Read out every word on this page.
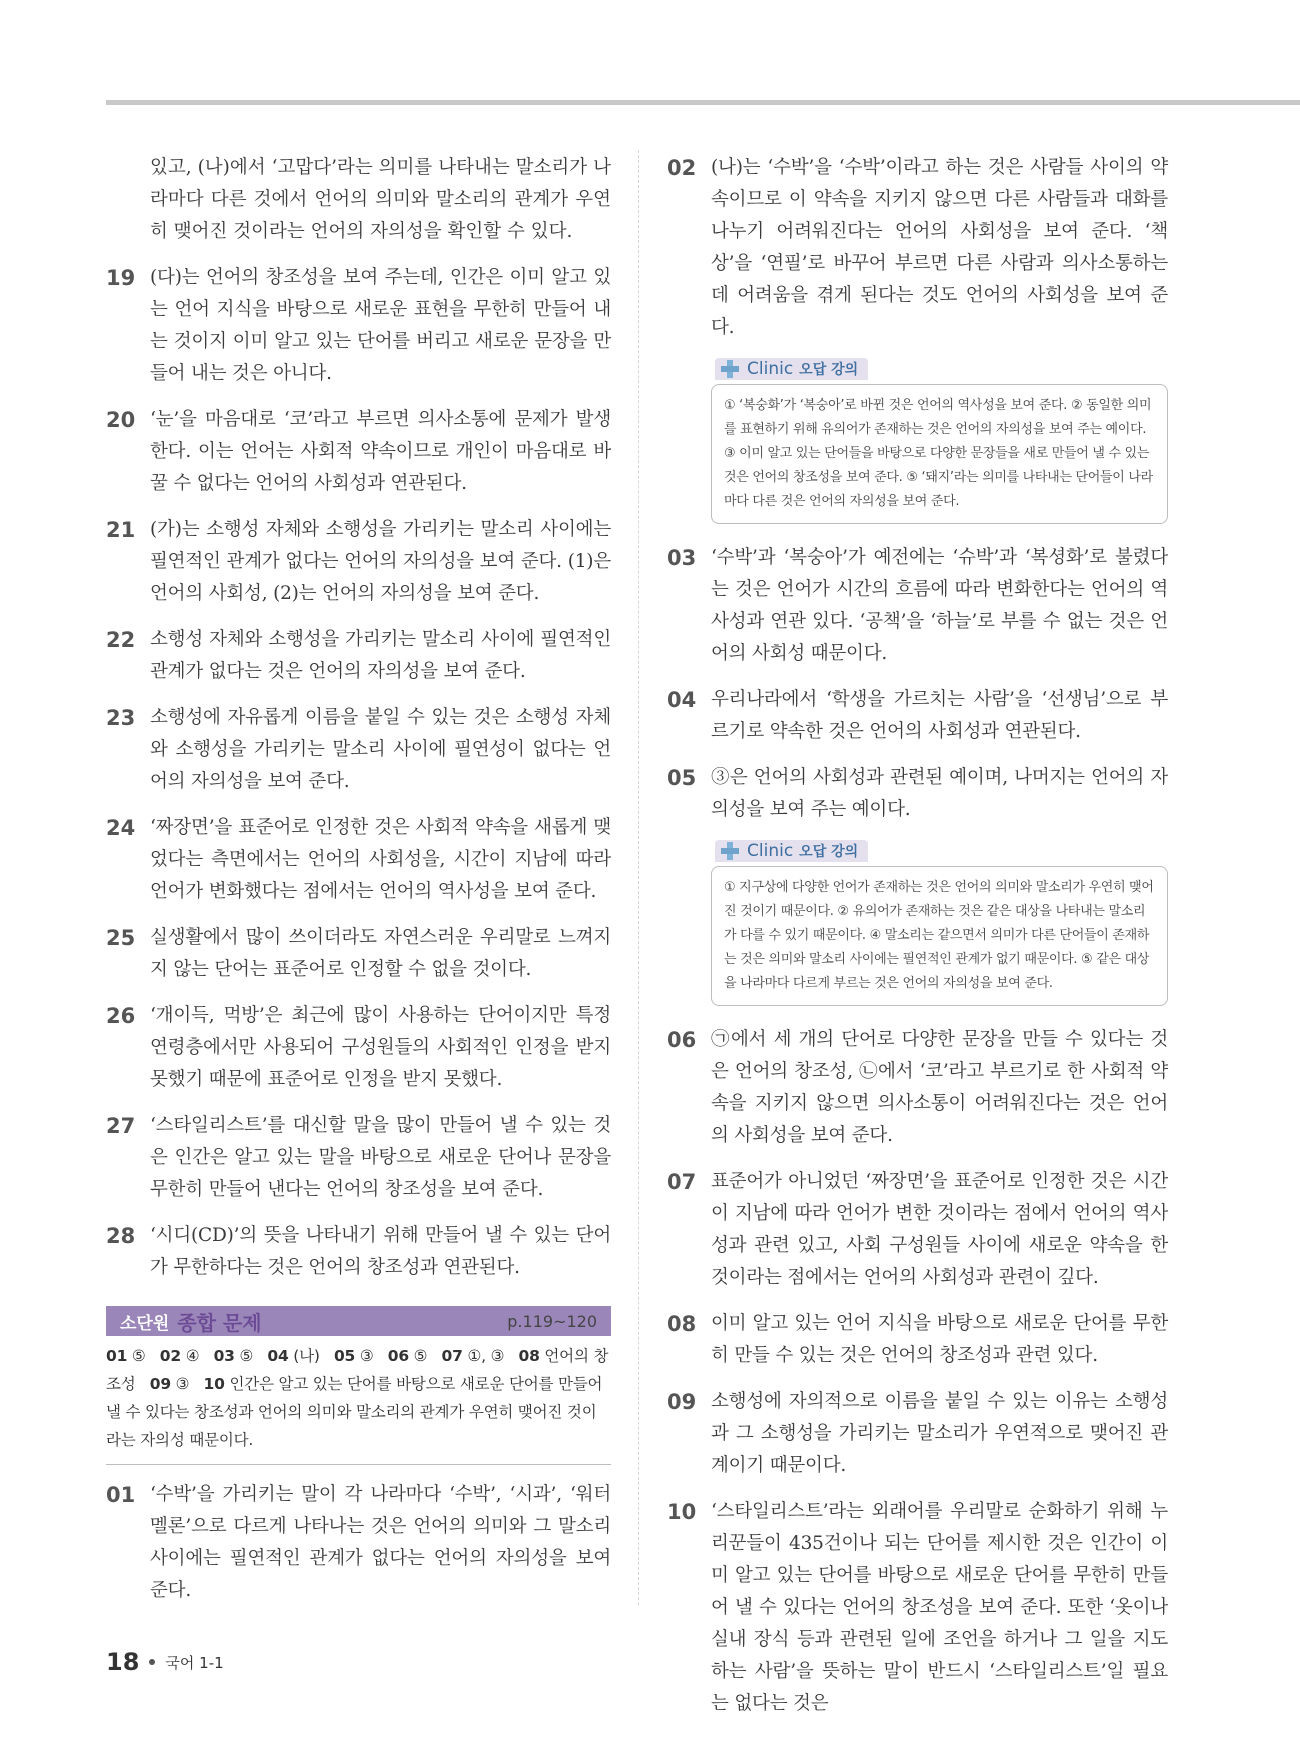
있고, (나)에서 ‘고맙다’라는 의미를 나타내는 말소리가 나라마다 다른 것에서 언어의 의미와 말소리의 관계가 우연히 맺어진 것이라는 언어의 자의성을 확인할 수 있다.
19 (다)는 언어의 창조성을 보여 주는데, 인간은 이미 알고 있는 언어 지식을 바탕으로 새로운 표현을 무한히 만들어 내는 것이지 이미 알고 있는 단어를 버리고 새로운 문장을 만들어 내는 것은 아니다.
20 ‘눈’을 마음대로 ‘코’라고 부르면 의사소통에 문제가 발생한다. 이는 언어는 사회적 약속이므로 개인이 마음대로 바꿀 수 없다는 언어의 사회성과 연관된다.
21 (가)는 소행성 자체와 소행성을 가리키는 말소리 사이에는 필연적인 관계가 없다는 언어의 자의성을 보여 준다. (1)은 언어의 사회성, (2)는 언어의 자의성을 보여 준다.
22 소행성 자체와 소행성을 가리키는 말소리 사이에 필연적인 관계가 없다는 것은 언어의 자의성을 보여 준다.
23 소행성에 자유롭게 이름을 붙일 수 있는 것은 소행성 자체와 소행성을 가리키는 말소리 사이에 필연성이 없다는 언어의 자의성을 보여 준다.
24 ‘짜장면’을 표준어로 인정한 것은 사회적 약속을 새롭게 맺었다는 측면에서는 언어의 사회성을, 시간이 지남에 따라 언어가 변화했다는 점에서는 언어의 역사성을 보여 준다.
25 실생활에서 많이 쓰이더라도 자연스러운 우리말로 느껴지지 않는 단어는 표준어로 인정할 수 없을 것이다.
26 ‘개이득, 먹방’은 최근에 많이 사용하는 단어이지만 특정 연령층에서만 사용되어 구성원들의 사회적인 인정을 받지 못했기 때문에 표준어로 인정을 받지 못했다.
27 ‘스타일리스트’를 대신할 말을 많이 만들어 낼 수 있는 것은 인간은 알고 있는 말을 바탕으로 새로운 단어나 문장을 무한히 만들어 낸다는 언어의 창조성을 보여 준다.
28 ‘시디(CD)’의 뜻을 나타내기 위해 만들어 낼 수 있는 단어가 무한하다는 것은 언어의 창조성과 연관된다.
소단원 종합 문제	p.119~120
01 ⑤ 02 ④ 03 ⑤ 04 (나) 05 ③ 06 ⑤ 07 ①, ③ 08 언어의 창조성 09 ③ 10 인간은 알고 있는 단어를 바탕으로 새로운 단어를 만들어 낼 수 있다는 창조성과 언어의 의미와 말소리의 관계가 우연히 맺어진 것이라는 자의성 때문이다.
01 ‘수박’을 가리키는 말이 각 나라마다 ‘수박’, ‘시과’, ‘워터멜론’으로 다르게 나타나는 것은 언어의 의미와 그 말소리 사이에는 필연적인 관계가 없다는 언어의 자의성을 보여 준다.
02 (나)는 ‘수박’을 ‘수박’이라고 하는 것은 사람들 사이의 약속이므로 이 약속을 지키지 않으면 다른 사람들과 대화를 나누기 어려워진다는 언어의 사회성을 보여 준다. ‘책상’을 ‘연필’로 바꾸어 부르면 다른 사람과 의사소통하는 데 어려움을 겪게 된다는 것도 언어의 사회성을 보여 준다.
Clinic 오답 강의
① ‘복숭화’가 ‘복숭아’로 바뀐 것은 언어의 역사성을 보여 준다. ② 동일한 의미를 표현하기 위해 유의어가 존재하는 것은 언어의 자의성을 보여 주는 예이다. ③ 이미 알고 있는 단어들을 바탕으로 다양한 문장들을 새로 만들어 낼 수 있는 것은 언어의 창조성을 보여 준다. ⑤ ‘돼지’라는 의미를 나타내는 단어들이 나라마다 다른 것은 언어의 자의성을 보여 준다.
03 ‘수박’과 ‘복숭아’가 예전에는 ‘슈박’과 ‘복셩화’로 불렸다는 것은 언어가 시간의 흐름에 따라 변화한다는 언어의 역사성과 연관 있다. ‘공책’을 ‘하늘’로 부를 수 없는 것은 언어의 사회성 때문이다.
04 우리나라에서 ‘학생을 가르치는 사람’을 ‘선생님’으로 부르기로 약속한 것은 언어의 사회성과 연관된다.
05 ③은 언어의 사회성과 관련된 예이며, 나머지는 언어의 자의성을 보여 주는 예이다.
Clinic 오답 강의
① 지구상에 다양한 언어가 존재하는 것은 언어의 의미와 말소리가 우연히 맺어진 것이기 때문이다. ② 유의어가 존재하는 것은 같은 대상을 나타내는 말소리가 다를 수 있기 때문이다. ④ 말소리는 같으면서 의미가 다른 단어들이 존재하는 것은 의미와 말소리 사이에는 필연적인 관계가 없기 때문이다. ⑤ 같은 대상을 나라마다 다르게 부르는 것은 언어의 자의성을 보여 준다.
06 ㉠에서 세 개의 단어로 다양한 문장을 만들 수 있다는 것은 언어의 창조성, ㉡에서 ‘코’라고 부르기로 한 사회적 약속을 지키지 않으면 의사소통이 어려워진다는 것은 언어의 사회성을 보여 준다.
07 표준어가 아니었던 ‘짜장면’을 표준어로 인정한 것은 시간이 지남에 따라 언어가 변한 것이라는 점에서 언어의 역사성과 관련 있고, 사회 구성원들 사이에 새로운 약속을 한 것이라는 점에서는 언어의 사회성과 관련이 깊다.
08 이미 알고 있는 언어 지식을 바탕으로 새로운 단어를 무한히 만들 수 있는 것은 언어의 창조성과 관련 있다.
09 소행성에 자의적으로 이름을 붙일 수 있는 이유는 소행성과 그 소행성을 가리키는 말소리가 우연적으로 맺어진 관계이기 때문이다.
10 ‘스타일리스트’라는 외래어를 우리말로 순화하기 위해 누리꾼들이 435건이나 되는 단어를 제시한 것은 인간이 이미 알고 있는 단어를 바탕으로 새로운 단어를 무한히 만들어 낼 수 있다는 언어의 창조성을 보여 준다. 또한 ‘옷이나 실내 장식 등과 관련된 일에 조언을 하거나 그 일을 지도하는 사람’을 뜻하는 말이 반드시 ‘스타일리스트’일 필요는 없다는 것은
18 국어 1-1
